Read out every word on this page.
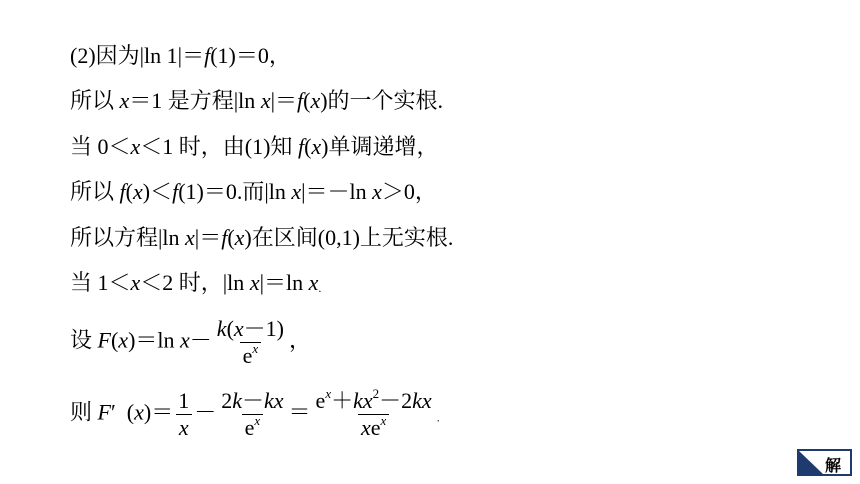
(2)因为|ln 1|＝f(1)＝0，
所以 x＝1 是方程|ln x|＝f(x)的一个实根.
当 0＜x＜1 时，由(1)知 f(x)单调递增，
所以 f(x)＜f(1)＝0.而|ln x|＝－ln x＞0，
所以方程|ln x|＝f(x)在区间(0,1)上无实根.
当 1＜x＜2 时，|ln x|＝ln x.
设 F(x)＝ln $x- \frac{k(x-1)}{e^x}$ ，
则 F′ $(x)= \frac{1}{x} - \frac{2k-kx}{e^x} = \frac{e^x+kx^2-2kx}{xe^x}$ .
解
